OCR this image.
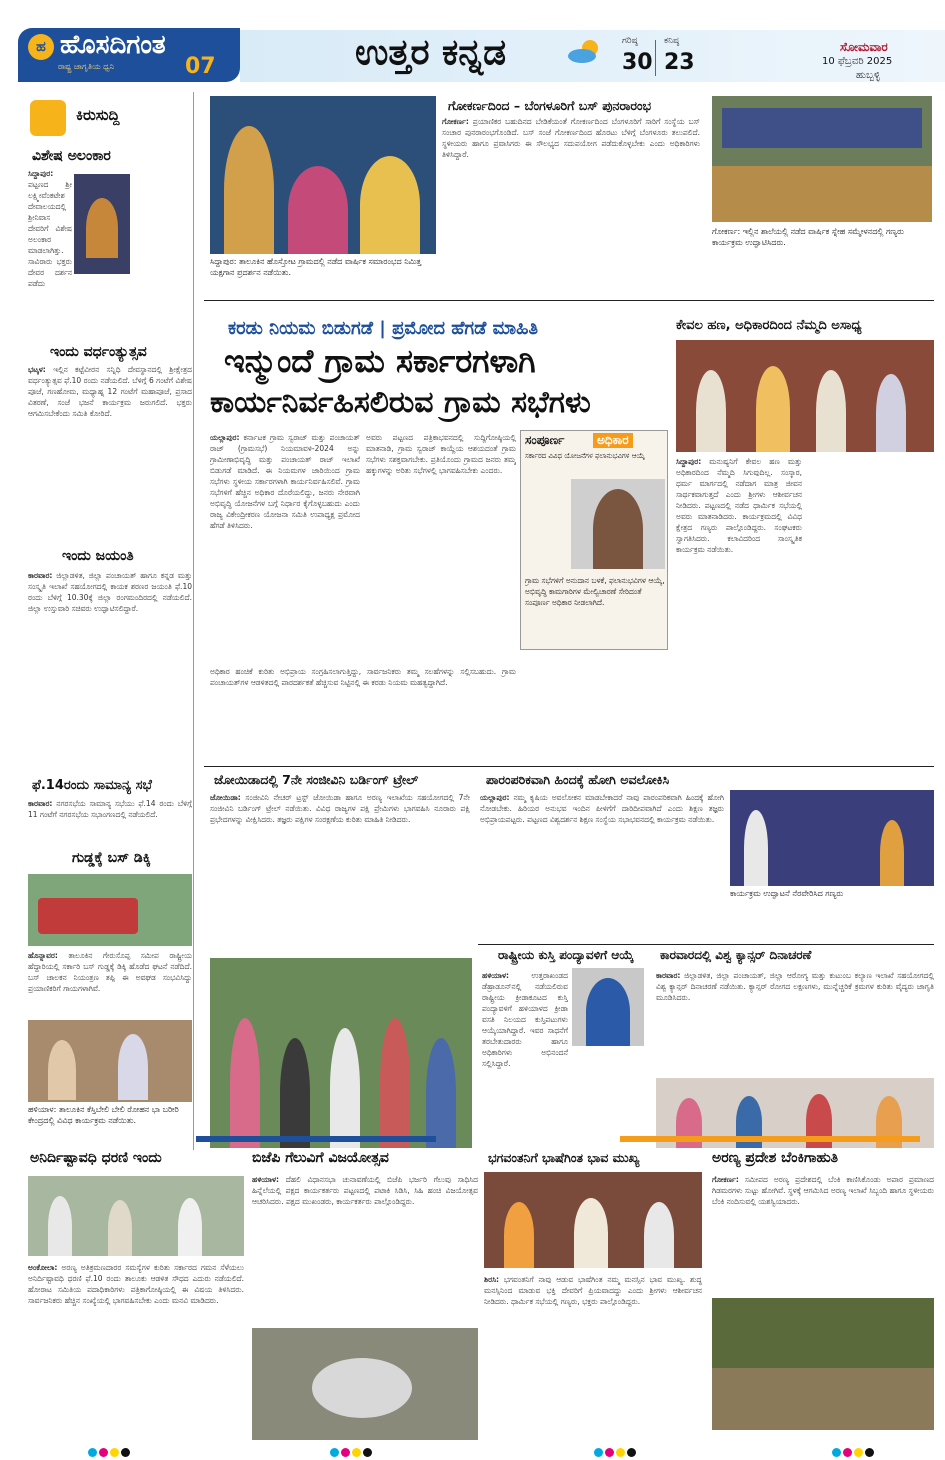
ಹ ಹೊಸದಿಗಂತ
ರಾಷ್ಟ್ರ ಜಾಗೃತಿಯ ಧ್ವನಿ	07	ಉತ್ತರ ಕನ್ನಡ	ಗರಿಷ್ಠ
30
ಕನಿಷ್ಠ
23
ಸೋಮವಾರ
10 ಫೆಬ್ರವರಿ 2025
ಹುಬ್ಬಳ್ಳಿ
ಕಿರುಸುದ್ದಿ
ವಿಶೇಷ ಅಲಂಕಾರ
ಸಿದ್ದಾಪುರ: ಪಟ್ಟಣದ ಶ್ರೀ ಲಕ್ಷ್ಮೀವೆಂಕಟೇಶ ದೇವಾಲಯದಲ್ಲಿ ಶ್ರೀನಿವಾಸ ದೇವರಿಗೆ ವಿಶೇಷ ಅಲಂಕಾರ ಮಾಡಲಾಗಿತ್ತು. ಸಾವಿರಾರು ಭಕ್ತರು ದೇವರ ದರ್ಶನ ಪಡೆದು
ಇಂದು ವರ್ಧಂತ್ಯುತ್ಸವ
ಭಟ್ಕಳ: ಇಲ್ಲಿನ ಕಟ್ಟೆವೀರನ ಸನ್ನಿಧಿ ದೇವಸ್ಥಾನದಲ್ಲಿ ಶ್ರೀಕ್ಷೇತ್ರದ ವರ್ಧಂತ್ಯುತ್ಸವ ಫೆ.10 ರಂದು ನಡೆಯಲಿದೆ. ಬೆಳಿಗ್ಗೆ 6 ಗಂಟೆಗೆ ವಿಶೇಷ ಪೂಜೆ, ಗಣಹೋಮ, ಮಧ್ಯಾಹ್ನ 12 ಗಂಟೆಗೆ ಮಹಾಪೂಜೆ, ಪ್ರಸಾದ ವಿತರಣೆ, ಸಂಜೆ ಭಜನೆ ಕಾರ್ಯಕ್ರಮ ಜರುಗಲಿದೆ. ಭಕ್ತರು ಆಗಮಿಸಬೇಕೆಂದು ಸಮಿತಿ ಕೋರಿದೆ.
ಇಂದು ಜಯಂತಿ
ಕಾರವಾರ: ಜಿಲ್ಲಾಡಳಿತ, ಜಿಲ್ಲಾ ಪಂಚಾಯತ್ ಹಾಗೂ ಕನ್ನಡ ಮತ್ತು ಸಂಸ್ಕೃತಿ ಇಲಾಖೆ ಸಹಯೋಗದಲ್ಲಿ ಕಾಯಕ ಶರಣರ ಜಯಂತಿ ಫೆ.10 ರಂದು ಬೆಳಿಗ್ಗೆ 10.30ಕ್ಕೆ ಜಿಲ್ಲಾ ರಂಗಮಂದಿರದಲ್ಲಿ ನಡೆಯಲಿದೆ. ಜಿಲ್ಲಾ ಉಸ್ತುವಾರಿ ಸಚಿವರು ಉದ್ಘಾಟಿಸಲಿದ್ದಾರೆ.
ಫೆ.14ರಂದು ಸಾಮಾನ್ಯ ಸಭೆ
ಕಾರವಾರ: ನಗರಸಭೆಯ ಸಾಮಾನ್ಯ ಸಭೆಯು ಫೆ.14 ರಂದು ಬೆಳಿಗ್ಗೆ 11 ಗಂಟೆಗೆ ನಗರಸಭೆಯ ಸಭಾಂಗಣದಲ್ಲಿ ನಡೆಯಲಿದೆ.
ಗುಡ್ಡಕ್ಕೆ ಬಸ್ ಡಿಕ್ಕಿ
ಹೊನ್ನಾವರ: ತಾಲೂಕಿನ ಗೇರುಸೊಪ್ಪ ಸಮೀಪ ರಾಷ್ಟ್ರೀಯ ಹೆದ್ದಾರಿಯಲ್ಲಿ ಸರ್ಕಾರಿ ಬಸ್ ಗುಡ್ಡಕ್ಕೆ ಡಿಕ್ಕಿ ಹೊಡೆದ ಘಟನೆ ನಡೆದಿದೆ. ಬಸ್ ಚಾಲಕನ ನಿಯಂತ್ರಣ ತಪ್ಪಿ ಈ ಅವಘಡ ಸಂಭವಿಸಿದ್ದು ಪ್ರಯಾಣಿಕರಿಗೆ ಗಾಯಗಳಾಗಿವೆ.
ಹಳಿಯಾಳ: ತಾಲೂಕಿನ ಕೆಸ್ತಿಬೇಲಿ ಬೇಲಿ ರೋಹನ ಭಾ ಬರೀರಿ ಕೇಂದ್ರದಲ್ಲಿ ವಿವಿಧ ಕಾರ್ಯಕ್ರಮ ನಡೆಯಿತು.
ಸಿದ್ದಾಪುರ: ತಾಲೂಕಿನ ಹೊಸ್ತೋಟ ಗ್ರಾಮದಲ್ಲಿ ನಡೆದ ವಾರ್ಷಿಕ ಸಮಾರಂಭದ ನಿಮಿತ್ತ ಯಕ್ಷಗಾನ ಪ್ರದರ್ಶನ ನಡೆಯಿತು.
ಗೋಕರ್ಣದಿಂದ – ಬೆಂಗಳೂರಿಗೆ ಬಸ್ ಪುನರಾರಂಭ
ಗೋಕರ್ಣ: ಪ್ರಯಾಣಿಕರ ಬಹುದಿನದ ಬೇಡಿಕೆಯಂತೆ ಗೋಕರ್ಣದಿಂದ ಬೆಂಗಳೂರಿಗೆ ಸಾರಿಗೆ ಸಂಸ್ಥೆಯ ಬಸ್ ಸಂಚಾರ ಪುನರಾರಂಭಗೊಂಡಿದೆ. ಬಸ್ ಸಂಜೆ ಗೋಕರ್ಣದಿಂದ ಹೊರಟು ಬೆಳಿಗ್ಗೆ ಬೆಂಗಳೂರು ತಲುಪಲಿದೆ. ಸ್ಥಳೀಯರು ಹಾಗೂ ಪ್ರವಾಸಿಗರು ಈ ಸೌಲಭ್ಯದ ಸದುಪಯೋಗ ಪಡೆದುಕೊಳ್ಳಬೇಕು ಎಂದು ಅಧಿಕಾರಿಗಳು ತಿಳಿಸಿದ್ದಾರೆ.
ಗೋಕರ್ಣ: ಇಲ್ಲಿನ ಶಾಲೆಯಲ್ಲಿ ನಡೆದ ವಾರ್ಷಿಕ ಸ್ನೇಹ ಸಮ್ಮೇಳನದಲ್ಲಿ ಗಣ್ಯರು ಕಾರ್ಯಕ್ರಮ ಉದ್ಘಾಟಿಸಿದರು.
ಕರಡು ನಿಯಮ ಬಿಡುಗಡೆ | ಪ್ರಮೋದ ಹೆಗಡೆ ಮಾಹಿತಿ
ಇನ್ಮುಂದೆ ಗ್ರಾಮ ಸರ್ಕಾರಗಳಾಗಿ
ಕಾರ್ಯನಿರ್ವಹಿಸಲಿರುವ ಗ್ರಾಮ ಸಭೆಗಳು
ಯಲ್ಲಾಪುರ: ಕರ್ನಾಟಕ ಗ್ರಾಮ ಸ್ವರಾಜ್ ಮತ್ತು ಪಂಚಾಯತ್ ರಾಜ್ (ಗ್ರಾಮಸಭೆ) ನಿಯಮಾವಳಿ-2024 ಅನ್ನು ಗ್ರಾಮೀಣಾಭಿವೃದ್ಧಿ ಮತ್ತು ಪಂಚಾಯತ್ ರಾಜ್ ಇಲಾಖೆ ಬಿಡುಗಡೆ ಮಾಡಿದೆ. ಈ ನಿಯಮಗಳ ಜಾರಿಯಿಂದ ಗ್ರಾಮ ಸಭೆಗಳು ಸ್ಥಳೀಯ ಸರ್ಕಾರಗಳಾಗಿ ಕಾರ್ಯನಿರ್ವಹಿಸಲಿವೆ. ಗ್ರಾಮ ಸಭೆಗಳಿಗೆ ಹೆಚ್ಚಿನ ಅಧಿಕಾರ ದೊರೆಯಲಿದ್ದು, ಜನರು ನೇರವಾಗಿ ಅಭಿವೃದ್ಧಿ ಯೋಜನೆಗಳ ಬಗ್ಗೆ ನಿರ್ಧಾರ ಕೈಗೊಳ್ಳಬಹುದು ಎಂದು ರಾಜ್ಯ ವಿಕೇಂದ್ರೀಕರಣ ಯೋಜನಾ ಸಮಿತಿ ಉಪಾಧ್ಯಕ್ಷ ಪ್ರಮೋದ ಹೆಗಡೆ ತಿಳಿಸಿದರು.
ಅವರು ಪಟ್ಟಣದ ಪತ್ರಿಕಾಭವನದಲ್ಲಿ ಸುದ್ದಿಗೋಷ್ಠಿಯಲ್ಲಿ ಮಾತನಾಡಿ, ಗ್ರಾಮ ಸ್ವರಾಜ್ ಕಾಯ್ದೆಯ ಆಶಯದಂತೆ ಗ್ರಾಮ ಸಭೆಗಳು ಸಶಕ್ತವಾಗಬೇಕು. ಪ್ರತಿಯೊಂದು ಗ್ರಾಮದ ಜನರು ತಮ್ಮ ಹಕ್ಕುಗಳನ್ನು ಅರಿತು ಸಭೆಗಳಲ್ಲಿ ಭಾಗವಹಿಸಬೇಕು ಎಂದರು.
ಅಧಿಕಾರ ಹಂಚಿಕೆ ಕುರಿತು ಅಭಿಪ್ರಾಯ ಸಂಗ್ರಹಿಸಲಾಗುತ್ತಿದ್ದು, ಸಾರ್ವಜನಿಕರು ತಮ್ಮ ಸಲಹೆಗಳನ್ನು ಸಲ್ಲಿಸಬಹುದು. ಗ್ರಾಮ ಪಂಚಾಯತ್‌ಗಳ ಆಡಳಿತದಲ್ಲಿ ಪಾರದರ್ಶಕತೆ ಹೆಚ್ಚಿಸುವ ನಿಟ್ಟಿನಲ್ಲಿ ಈ ಕರಡು ನಿಯಮ ಮಹತ್ವದ್ದಾಗಿದೆ.
ಸಂಪೂರ್ಣ	ಅಧಿಕಾರ
ಸರ್ಕಾರದ ವಿವಿಧ ಯೋಜನೆಗಳ ಫಲಾನುಭವಿಗಳ ಆಯ್ಕೆ
ಗ್ರಾಮ ಸಭೆಗಳಿಗೆ ಅನುದಾನ ಬಳಕೆ, ಫಲಾನುಭವಿಗಳ ಆಯ್ಕೆ, ಅಭಿವೃದ್ಧಿ ಕಾಮಗಾರಿಗಳ ಮೇಲ್ವಿಚಾರಣೆ ಸೇರಿದಂತೆ ಸಂಪೂರ್ಣ ಅಧಿಕಾರ ನೀಡಲಾಗಿದೆ.
ಕೇವಲ ಹಣ, ಅಧಿಕಾರದಿಂದ ನೆಮ್ಮದಿ ಅಸಾಧ್ಯ
ಸಿದ್ದಾಪುರ: ಮನುಷ್ಯನಿಗೆ ಕೇವಲ ಹಣ ಮತ್ತು ಅಧಿಕಾರದಿಂದ ನೆಮ್ಮದಿ ಸಿಗುವುದಿಲ್ಲ. ಸಂಸ್ಕಾರ, ಧರ್ಮ ಮಾರ್ಗದಲ್ಲಿ ನಡೆದಾಗ ಮಾತ್ರ ಜೀವನ ಸಾರ್ಥಕವಾಗುತ್ತದೆ ಎಂದು ಶ್ರೀಗಳು ಆಶೀರ್ವಚನ ನೀಡಿದರು. ಪಟ್ಟಣದಲ್ಲಿ ನಡೆದ ಧಾರ್ಮಿಕ ಸಭೆಯಲ್ಲಿ ಅವರು ಮಾತನಾಡಿದರು. ಕಾರ್ಯಕ್ರಮದಲ್ಲಿ ವಿವಿಧ ಕ್ಷೇತ್ರದ ಗಣ್ಯರು ಪಾಲ್ಗೊಂಡಿದ್ದರು. ಸಂಘಟಕರು ಸ್ವಾಗತಿಸಿದರು. ಕಲಾವಿದರಿಂದ ಸಾಂಸ್ಕೃತಿಕ ಕಾರ್ಯಕ್ರಮ ನಡೆಯಿತು.
ಜೋಯಿಡಾದಲ್ಲಿ 7ನೇ ಸಂಜೀವಿನಿ ಬರ್ಡಿಂಗ್ ಟ್ರೇಲ್
ಜೋಯಿಡಾ: ಸಂಜೀವಿನಿ ನೇಚರ್ ಟ್ರಸ್ಟ್ ಜೋಯಿಡಾ ಹಾಗೂ ಅರಣ್ಯ ಇಲಾಖೆಯ ಸಹಯೋಗದಲ್ಲಿ 7ನೇ ಸಂಜೀವಿನಿ ಬರ್ಡಿಂಗ್ ಟ್ರೇಲ್ ನಡೆಯಿತು. ವಿವಿಧ ರಾಜ್ಯಗಳ ಪಕ್ಷಿ ಪ್ರೇಮಿಗಳು ಭಾಗವಹಿಸಿ ನೂರಾರು ಪಕ್ಷಿ ಪ್ರಭೇದಗಳನ್ನು ವೀಕ್ಷಿಸಿದರು. ತಜ್ಞರು ಪಕ್ಷಿಗಳ ಸಂರಕ್ಷಣೆಯ ಕುರಿತು ಮಾಹಿತಿ ನೀಡಿದರು.
ಪಾರಂಪರಿಕವಾಗಿ ಹಿಂದಕ್ಕೆ ಹೋಗಿ ಅವಲೋಕಿಸಿ
ಯಲ್ಲಾಪುರ: ನಮ್ಮ ಕೃಷಿಯ ಅವಲೋಕನ ಮಾಡಬೇಕಾದರೆ ನಾವು ಪಾರಂಪರಿಕವಾಗಿ ಹಿಂದಕ್ಕೆ ಹೋಗಿ ನೋಡಬೇಕು. ಹಿರಿಯರ ಅನುಭವ ಇಂದಿನ ಪೀಳಿಗೆಗೆ ದಾರಿದೀಪವಾಗಿದೆ ಎಂದು ಶಿಕ್ಷಣ ತಜ್ಞರು ಅಭಿಪ್ರಾಯಪಟ್ಟರು. ಪಟ್ಟಣದ ವಿಶ್ವದರ್ಶನ ಶಿಕ್ಷಣ ಸಂಸ್ಥೆಯ ಸಭಾಭವನದಲ್ಲಿ ಕಾರ್ಯಕ್ರಮ ನಡೆಯಿತು.
ಕಾರ್ಯಕ್ರಮ ಉದ್ಘಾಟನೆ ನೆರವೇರಿಸಿದ ಗಣ್ಯರು
ರಾಷ್ಟ್ರೀಯ ಕುಸ್ತಿ ಪಂದ್ಯಾವಳಿಗೆ ಆಯ್ಕೆ
ಹಳಿಯಾಳ:	ಉತ್ತರಾಖಂಡದ ಡೆಹ್ರಾಡೂನ್‌ನಲ್ಲಿ ನಡೆಯಲಿರುವ ರಾಷ್ಟ್ರೀಯ ಕ್ರೀಡಾಕೂಟದ ಕುಸ್ತಿ ಪಂದ್ಯಾವಳಿಗೆ ಹಳಿಯಾಳದ ಕ್ರೀಡಾ ವಸತಿ ನಿಲಯದ ಕುಸ್ತಿಪಟುಗಳು ಆಯ್ಕೆಯಾಗಿದ್ದಾರೆ. ಇವರ ಸಾಧನೆಗೆ ತರಬೇತುದಾರರು ಹಾಗೂ ಅಧಿಕಾರಿಗಳು ಅಭಿನಂದನೆ ಸಲ್ಲಿಸಿದ್ದಾರೆ.
ಕಾರವಾರದಲ್ಲಿ ವಿಶ್ವ ಕ್ಯಾನ್ಸರ್ ದಿನಾಚರಣೆ
ಕಾರವಾರ: ಜಿಲ್ಲಾಡಳಿತ, ಜಿಲ್ಲಾ ಪಂಚಾಯತ್, ಜಿಲ್ಲಾ ಆರೋಗ್ಯ ಮತ್ತು ಕುಟುಂಬ ಕಲ್ಯಾಣ ಇಲಾಖೆ ಸಹಯೋಗದಲ್ಲಿ ವಿಶ್ವ ಕ್ಯಾನ್ಸರ್ ದಿನಾಚರಣೆ ನಡೆಯಿತು. ಕ್ಯಾನ್ಸರ್ ರೋಗದ ಲಕ್ಷಣಗಳು, ಮುನ್ನೆಚ್ಚರಿಕೆ ಕ್ರಮಗಳ ಕುರಿತು ವೈದ್ಯರು ಜಾಗೃತಿ ಮೂಡಿಸಿದರು.
ಅನಿರ್ದಿಷ್ಟಾವಧಿ ಧರಣಿ ಇಂದು
ಅಂಕೋಲಾ: ಅರಣ್ಯ ಅತಿಕ್ರಮಣದಾರರ ಸಮಸ್ಯೆಗಳ ಕುರಿತು ಸರ್ಕಾರದ ಗಮನ ಸೆಳೆಯಲು ಅನಿರ್ದಿಷ್ಟಾವಧಿ ಧರಣಿ ಫೆ.10 ರಂದು ತಾಲೂಕು ಆಡಳಿತ ಸೌಧದ ಎದುರು ನಡೆಯಲಿದೆ. ಹೋರಾಟ ಸಮಿತಿಯ ಪದಾಧಿಕಾರಿಗಳು ಪತ್ರಿಕಾಗೋಷ್ಠಿಯಲ್ಲಿ ಈ ವಿಷಯ ತಿಳಿಸಿದರು. ಸಾರ್ವಜನಿಕರು ಹೆಚ್ಚಿನ ಸಂಖ್ಯೆಯಲ್ಲಿ ಭಾಗವಹಿಸಬೇಕು ಎಂದು ಮನವಿ ಮಾಡಿದರು.
ಬಿಜೆಪಿ ಗೆಲುವಿಗೆ ವಿಜಯೋತ್ಸವ
ಹಳಿಯಾಳ: ದೆಹಲಿ ವಿಧಾನಸಭಾ ಚುನಾವಣೆಯಲ್ಲಿ ಬಿಜೆಪಿ ಭರ್ಜರಿ ಗೆಲುವು ಸಾಧಿಸಿದ ಹಿನ್ನೆಲೆಯಲ್ಲಿ ಪಕ್ಷದ ಕಾರ್ಯಕರ್ತರು ಪಟ್ಟಣದಲ್ಲಿ ಪಟಾಕಿ ಸಿಡಿಸಿ, ಸಿಹಿ ಹಂಚಿ ವಿಜಯೋತ್ಸವ ಆಚರಿಸಿದರು. ಪಕ್ಷದ ಮುಖಂಡರು, ಕಾರ್ಯಕರ್ತರು ಪಾಲ್ಗೊಂಡಿದ್ದರು.
ಭಗವಂತನಿಗೆ ಭಾಷೆಗಿಂತ ಭಾವ ಮುಖ್ಯ
ಶಿರಸಿ: ಭಗವಂತನಿಗೆ ನಾವು ಆಡುವ ಭಾಷೆಗಿಂತ ನಮ್ಮ ಮನಸ್ಸಿನ ಭಾವ ಮುಖ್ಯ. ಶುದ್ಧ ಮನಸ್ಸಿನಿಂದ ಮಾಡುವ ಭಕ್ತಿ ದೇವರಿಗೆ ಪ್ರಿಯವಾದದ್ದು ಎಂದು ಶ್ರೀಗಳು ಆಶೀರ್ವಚನ ನೀಡಿದರು. ಧಾರ್ಮಿಕ ಸಭೆಯಲ್ಲಿ ಗಣ್ಯರು, ಭಕ್ತರು ಪಾಲ್ಗೊಂಡಿದ್ದರು.
ಅರಣ್ಯ ಪ್ರದೇಶ ಬೆಂಕಿಗಾಹುತಿ
ಗೋಕರ್ಣ: ಸಮೀಪದ ಅರಣ್ಯ ಪ್ರದೇಶದಲ್ಲಿ ಬೆಂಕಿ ಕಾಣಿಸಿಕೊಂಡು ಅಪಾರ ಪ್ರಮಾಣದ ಗಿಡಮರಗಳು ಸುಟ್ಟು ಹೋಗಿವೆ. ಸ್ಥಳಕ್ಕೆ ಆಗಮಿಸಿದ ಅರಣ್ಯ ಇಲಾಖೆ ಸಿಬ್ಬಂದಿ ಹಾಗೂ ಸ್ಥಳೀಯರು ಬೆಂಕಿ ನಂದಿಸುವಲ್ಲಿ ಯಶಸ್ವಿಯಾದರು.
